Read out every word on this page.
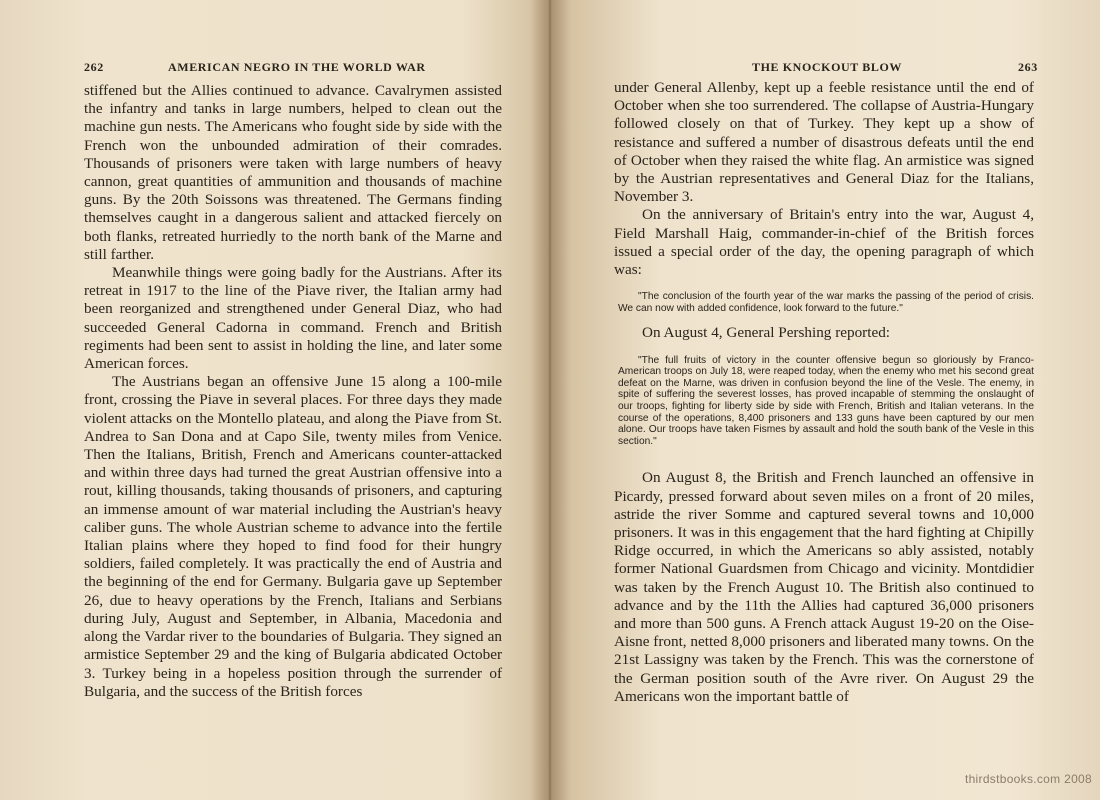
262	AMERICAN NEGRO IN THE WORLD WAR

stiffened but the Allies continued to advance. Cavalrymen assisted the infantry and tanks in large numbers, helped to clean out the machine gun nests. The Americans who fought side by side with the French won the unbounded admiration of their comrades. Thousands of prisoners were taken with large numbers of heavy cannon, great quantities of ammunition and thousands of machine guns. By the 20th Soissons was threatened. The Germans finding themselves caught in a dangerous salient and attacked fiercely on both flanks, retreated hurriedly to the north bank of the Marne and still farther.

Meanwhile things were going badly for the Austrians. After its retreat in 1917 to the line of the Piave river, the Italian army had been reorganized and strengthened under General Diaz, who had succeeded General Cadorna in command. French and British regiments had been sent to assist in holding the line, and later some American forces.

The Austrians began an offensive June 15 along a 100-mile front, crossing the Piave in several places. For three days they made violent attacks on the Montello plateau, and along the Piave from St. Andrea to San Dona and at Capo Sile, twenty miles from Venice. Then the Italians, British, French and Americans counter-attacked and within three days had turned the great Austrian offensive into a rout, killing thousands, taking thousands of prisoners, and capturing an immense amount of war material including the Austrian's heavy caliber guns. The whole Austrian scheme to advance into the fertile Italian plains where they hoped to find food for their hungry soldiers, failed completely. It was practically the end of Austria and the beginning of the end for Germany. Bulgaria gave up September 26, due to heavy operations by the French, Italians and Serbians during July, August and September, in Albania, Macedonia and along the Vardar river to the boundaries of Bulgaria. They signed an armistice September 29 and the king of Bulgaria abdicated October 3. Turkey being in a hopeless position through the surrender of Bulgaria, and the success of the British forces

THE KNOCKOUT BLOW	263

under General Allenby, kept up a feeble resistance until the end of October when she too surrendered. The collapse of Austria-Hungary followed closely on that of Turkey. They kept up a show of resistance and suffered a number of disastrous defeats until the end of October when they raised the white flag. An armistice was signed by the Austrian representatives and General Diaz for the Italians, November 3.

On the anniversary of Britain's entry into the war, August 4, Field Marshall Haig, commander-in-chief of the British forces issued a special order of the day, the opening paragraph of which was:

"The conclusion of the fourth year of the war marks the passing of the period of crisis. We can now with added confidence, look forward to the future."

On August 4, General Pershing reported:

"The full fruits of victory in the counter offensive begun so gloriously by Franco-American troops on July 18, were reaped today, when the enemy who met his second great defeat on the Marne, was driven in confusion beyond the line of the Vesle. The enemy, in spite of suffering the severest losses, has proved incapable of stemming the onslaught of our troops, fighting for liberty side by side with French, British and Italian veterans. In the course of the operations, 8,400 prisoners and 133 guns have been captured by our men alone. Our troops have taken Fismes by assault and hold the south bank of the Vesle in this section."

On August 8, the British and French launched an offensive in Picardy, pressed forward about seven miles on a front of 20 miles, astride the river Somme and captured several towns and 10,000 prisoners. It was in this engagement that the hard fighting at Chipilly Ridge occurred, in which the Americans so ably assisted, notably former National Guardsmen from Chicago and vicinity. Montdidier was taken by the French August 10. The British also continued to advance and by the 11th the Allies had captured 36,000 prisoners and more than 500 guns. A French attack August 19-20 on the Oise-Aisne front, netted 8,000 prisoners and liberated many towns. On the 21st Lassigny was taken by the French. This was the cornerstone of the German position south of the Avre river. On August 29 the Americans won the important battle of

thirdstbooks.com 2008
